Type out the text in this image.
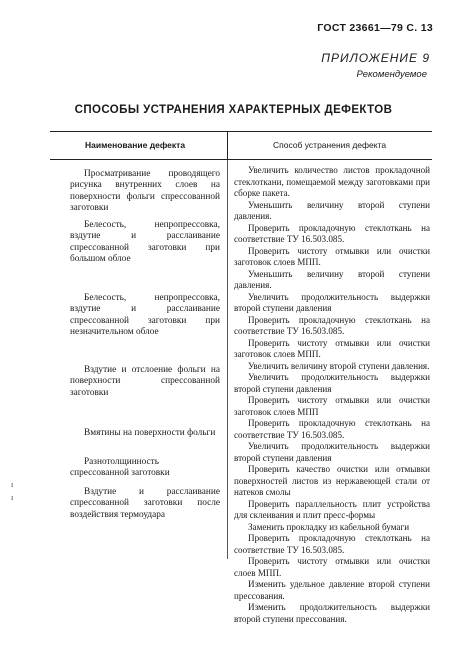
ГОСТ 23661—79 С. 13
ПРИЛОЖЕНИЕ 9
Рекомендуемое
СПОСОБЫ УСТРАНЕНИЯ ХАРАКТЕРНЫХ ДЕФЕКТОВ
Наименование дефекта	Способ устранения дефекта
Просматривание проводящего рисунка внутренних слоев на поверхности фольги спрессованной заготовки
Белесость, непропрессовка, вздутие и расслаивание спрессованной заготовки при большом облое
Белесость, непропрессовка, вздутие и расслаивание спрессованной заготовки при незначительном облое
Вздутие и отслоение фольги на поверхности спрессованной заготовки
Вмятины на поверхности фольги
Разнотолщинность спрессованной заготовки
Вздутие и расслаивание спрессованной заготовки после воздействия термоудара

Увеличить количество листов прокладочной стеклоткани, помещаемой между заготовками при сборке пакета.

Уменьшить величину второй ступени давления.

Проверить прокладочную стеклоткань на соответствие ТУ 16.503.085.

Проверить чистоту отмывки или очистки заготовок слоев МПП.

Уменьшить величину второй ступени давления.

Увеличить продолжительность выдержки второй ступени давления

Проверить прокладочную стеклоткань на соответствие ТУ 16.503.085.

Проверить чистоту отмывки или очистки заготовок слоев МПП.

Увеличить величину второй ступени давления.

Увеличить продолжительность выдержки второй ступени давления

Проверить чистоту отмывки или очистки заготовок слоев МПП

Проверить прокладочную стеклоткань на соответствие ТУ 16.503.085.

Увеличить продолжительность выдержки второй ступени давления

Проверить качество очистки или отмывки поверхностей листов из нержавеющей стали от натеков смолы

Проверить параллельность плит устройства для склеивания и плит пресс-формы

Заменить прокладку из кабельной бумаги

Проверить прокладочную стеклоткань на соответствие ТУ 16.503.085.

Проверить чистоту отмывки или очистки слоев МПП.

Изменить удельное давление второй ступени прессования.

Изменить продолжительность выдержки второй ступени прессования.

ı
ı
